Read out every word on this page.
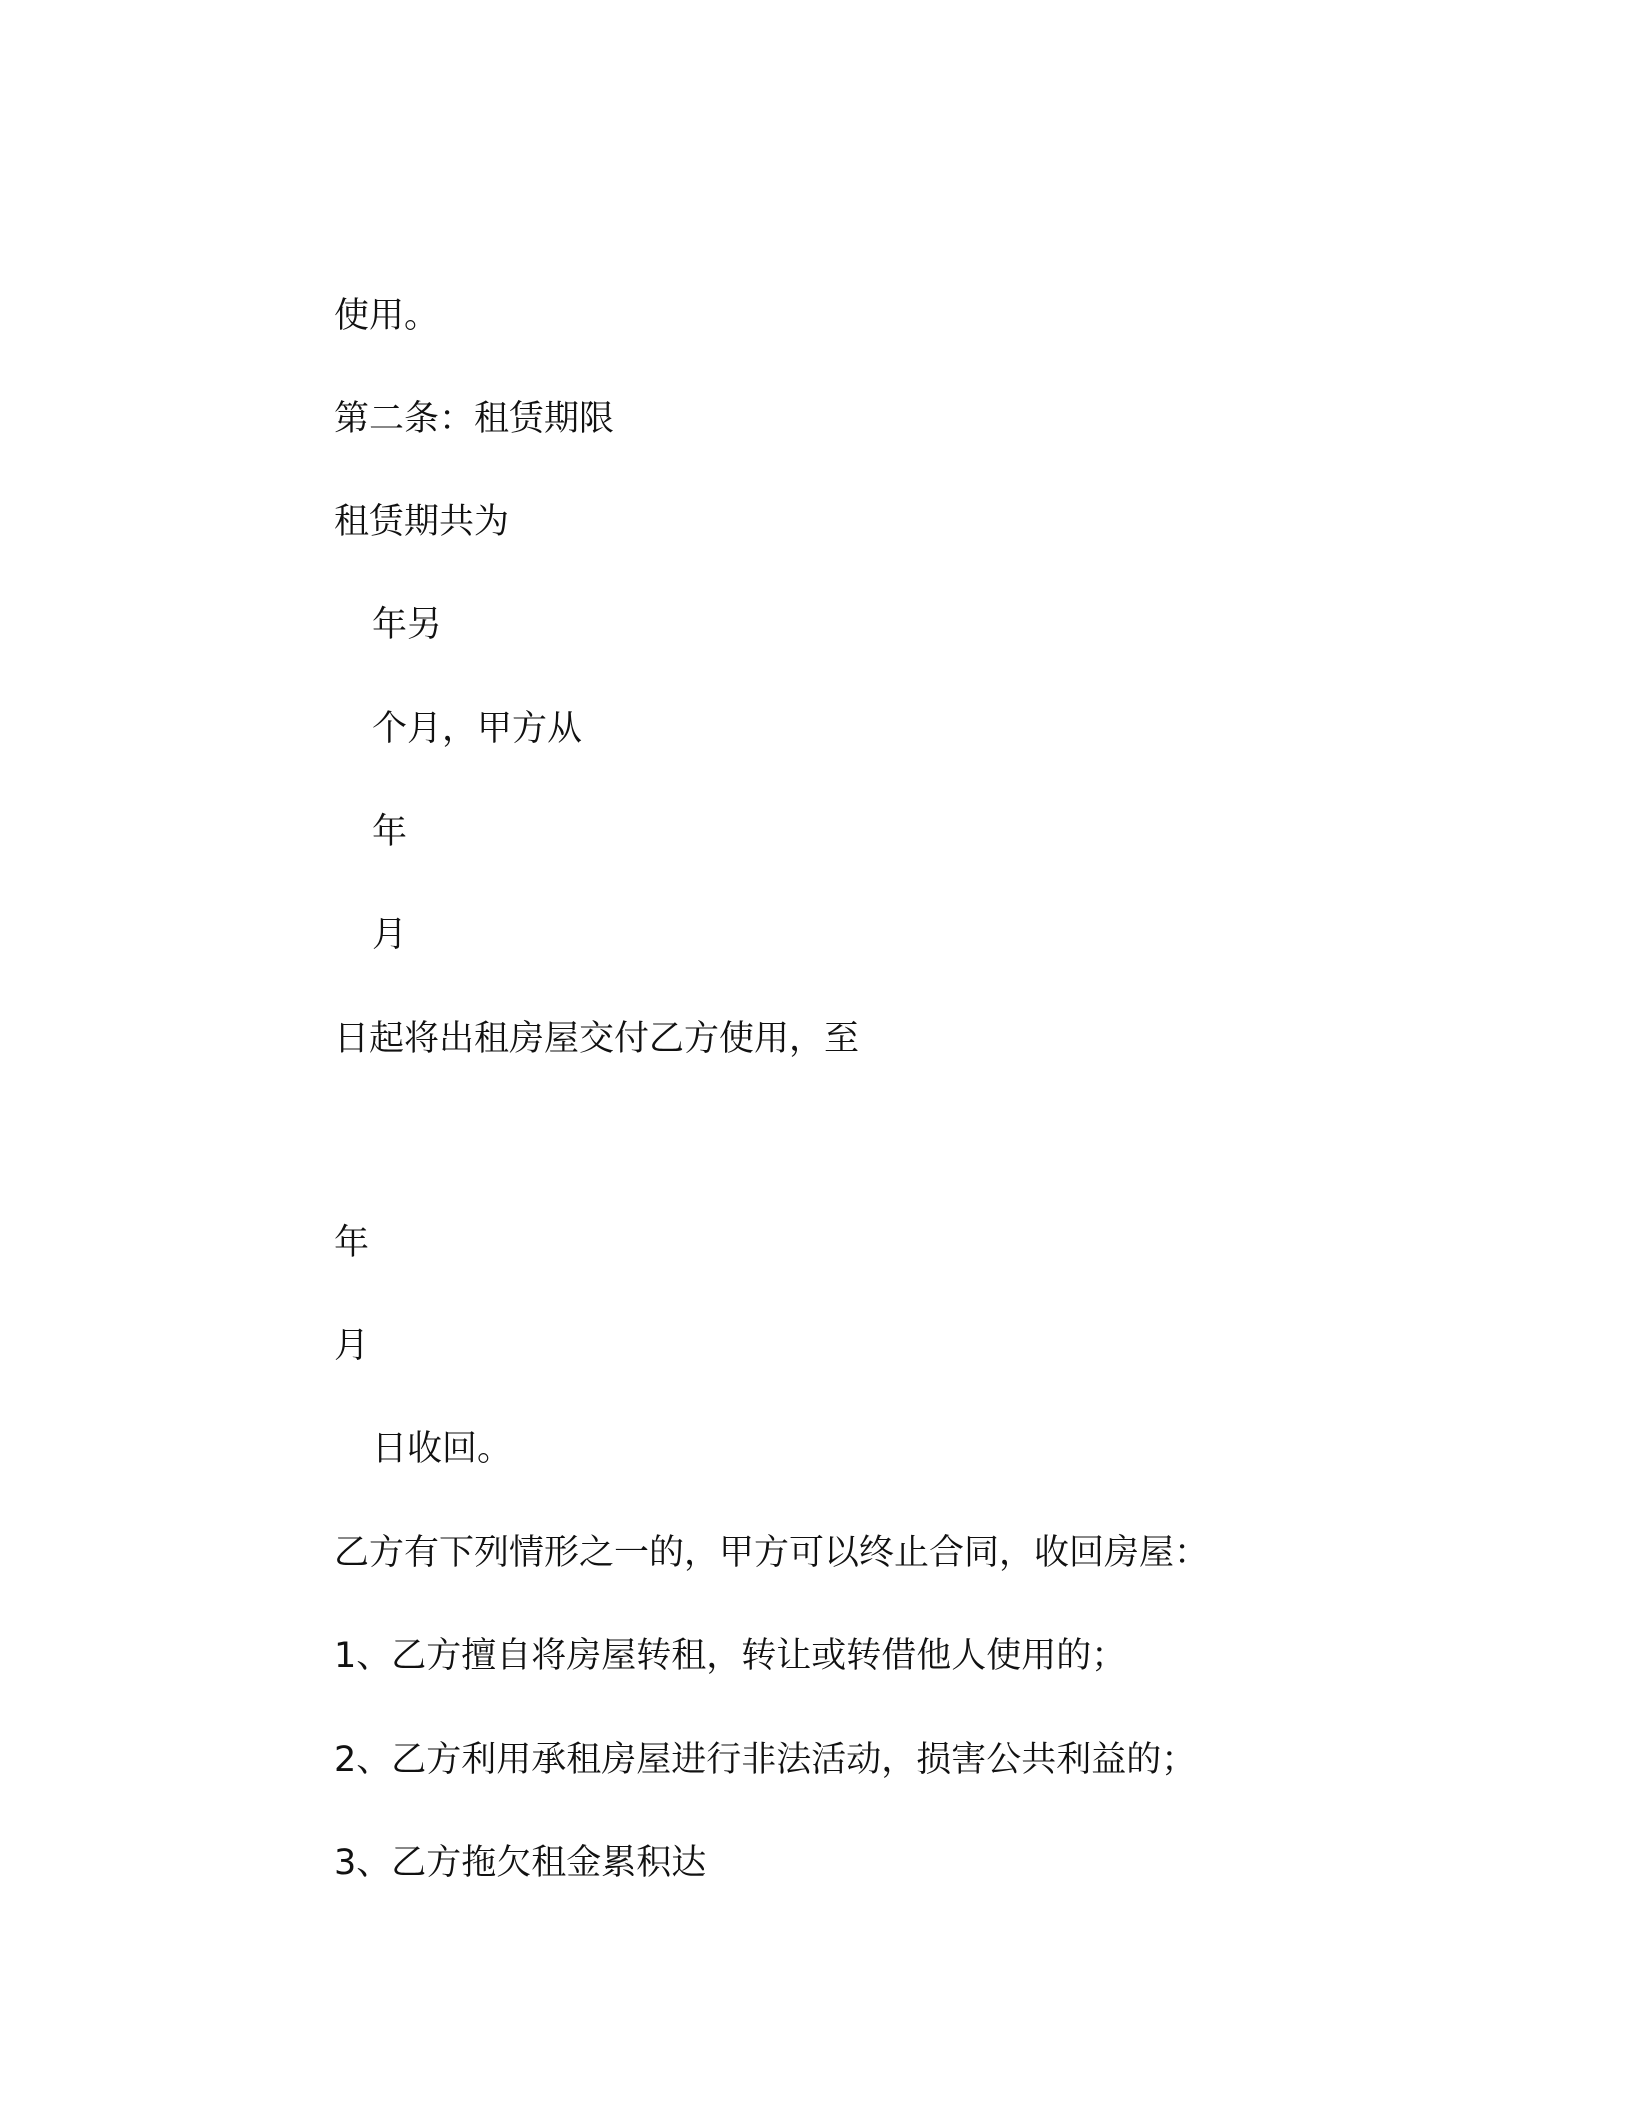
使用。

第二条：租赁期限

租赁期共为

年另

个月，甲方从

年

月

日起将出租房屋交付乙方使用，至

年

月

日收回。

乙方有下列情形之一的，甲方可以终止合同，收回房屋：

1、乙方擅自将房屋转租，转让或转借他人使用的；

2、乙方利用承租房屋进行非法活动，损害公共利益的；

3、乙方拖欠租金累积达
